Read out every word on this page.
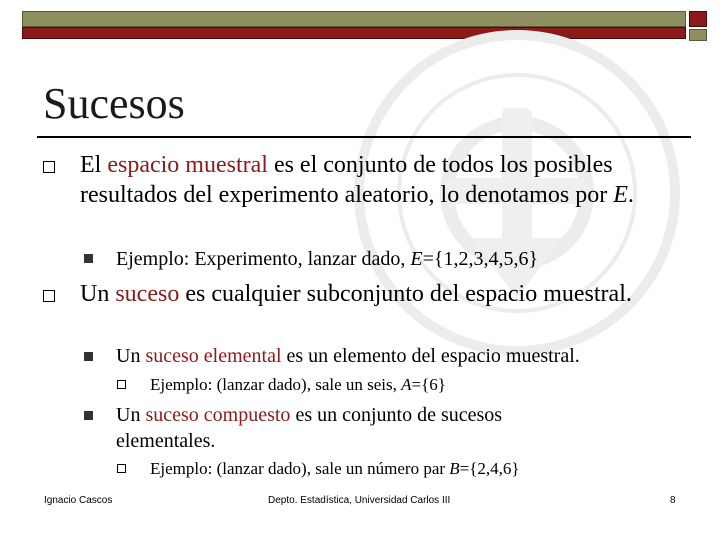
Sucesos
El espacio muestral es el conjunto de todos los posibles resultados del experimento aleatorio, lo denotamos por E.
Ejemplo: Experimento, lanzar dado, E={1,2,3,4,5,6}
Un suceso es cualquier subconjunto del espacio muestral.
Un suceso elemental es un elemento del espacio muestral.
Ejemplo: (lanzar dado), sale un seis, A={6}
Un suceso compuesto es un conjunto de sucesos elementales.
Ejemplo: (lanzar dado), sale un número par B={2,4,6}
Ignacio Cascos	Depto. Estadística, Universidad Carlos III	8
